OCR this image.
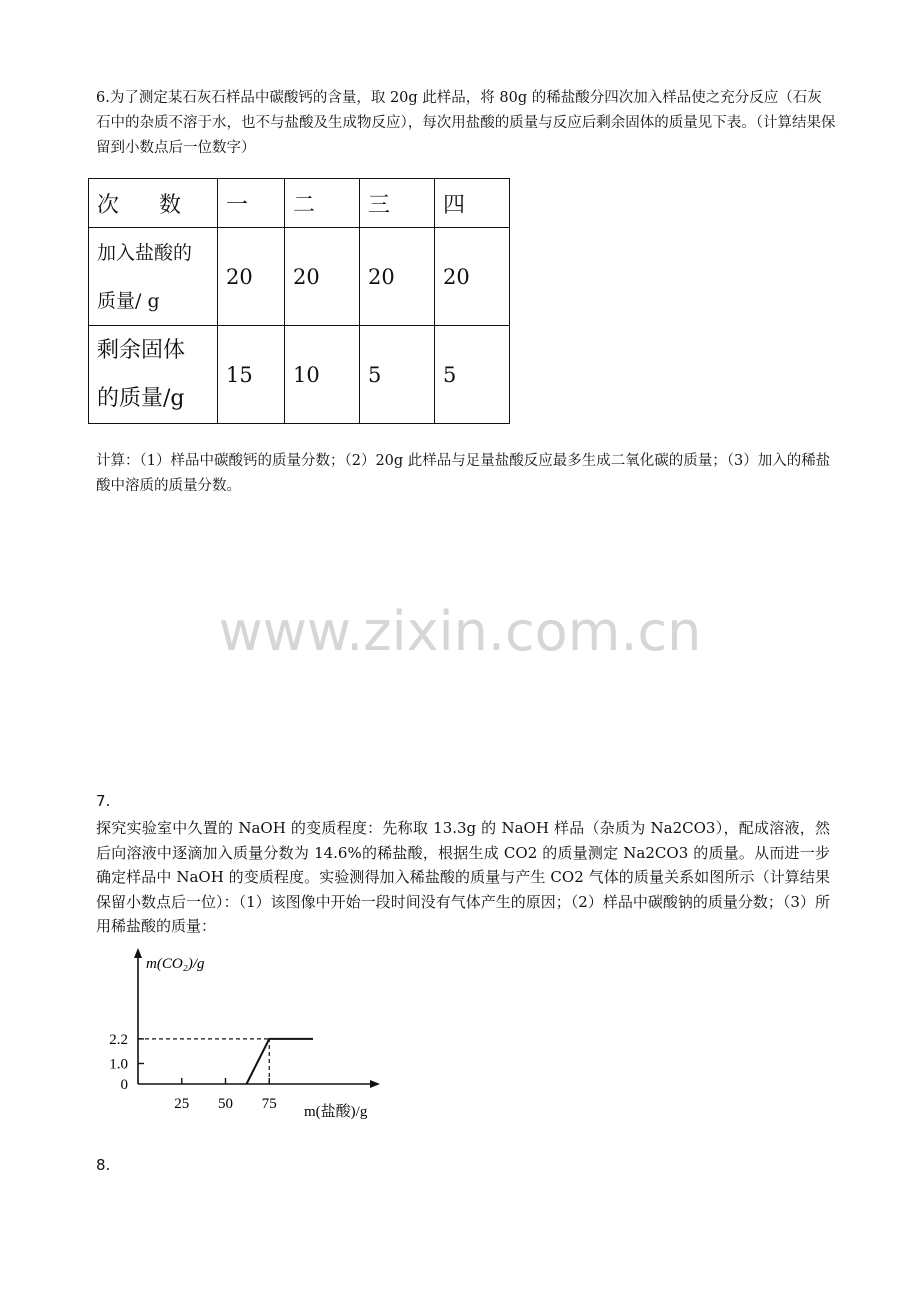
6.为了测定某石灰石样品中碳酸钙的含量，取 20g 此样品，将 80g 的稀盐酸分四次加入样品使之充分反应（石灰石中的杂质不溶于水，也不与盐酸及生成物反应），每次用盐酸的质量与反应后剩余固体的质量见下表。（计算结果保留到小数点后一位数字）
次 数	一	二	三	四

加入盐酸的
质量/ g	20	20	20	20

剩余固体
的质量/g	15	10	5	5
计算：（1）样品中碳酸钙的质量分数；（2）20g 此样品与足量盐酸反应最多生成二氧化碳的质量；（3）加入的稀盐酸中溶质的质量分数。
www.zixin.com.cn
7.
探究实验室中久置的 NaOH 的变质程度：先称取 13.3g 的 NaOH 样品（杂质为 Na2CO3），配成溶液，然后向溶液中逐滴加入质量分数为 14.6%的稀盐酸，根据生成 CO2 的质量测定 Na2CO3 的质量。从而进一步确定样品中 NaOH 的变质程度。实验测得加入稀盐酸的质量与产生 CO2 气体的质量关系如图所示（计算结果保留小数点后一位）：（1）该图像中开始一段时间没有气体产生的原因；（2）样品中碳酸钠的质量分数；（3）所用稀盐酸的质量：
25 50 75
0
1.0
2.2
m(CO₂)/g
m(盐酸)/g
8.
